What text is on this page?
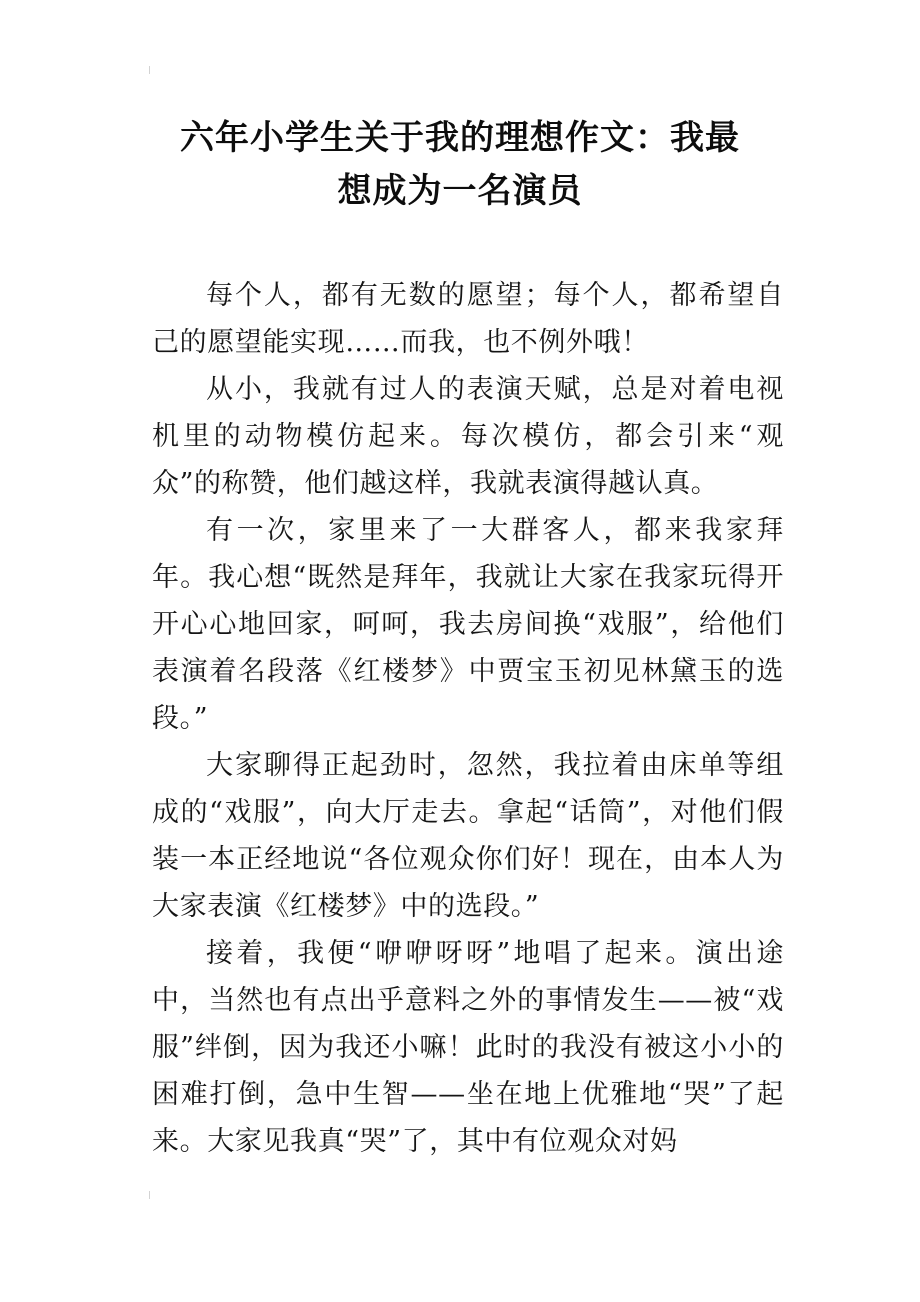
六年小学生关于我的理想作文：我最
想成为一名演员

每个人，都有无数的愿望；每个人，都希望自己的愿望能实现……而我，也不例外哦！

从小，我就有过人的表演天赋，总是对着电视机里的动物模仿起来。每次模仿，都会引来“观众”的称赞，他们越这样，我就表演得越认真。

有一次，家里来了一大群客人，都来我家拜年。我心想“既然是拜年，我就让大家在我家玩得开开心心地回家，呵呵，我去房间换“戏服”，给他们表演着名段落《红楼梦》中贾宝玉初见林黛玉的选段。”

大家聊得正起劲时，忽然，我拉着由床单等组成的“戏服”，向大厅走去。拿起“话筒”，对他们假装一本正经地说“各位观众你们好！现在，由本人为大家表演《红楼梦》中的选段。”

接着，我便“咿咿呀呀”地唱了起来。演出途中，当然也有点出乎意料之外的事情发生——被“戏服”绊倒，因为我还小嘛！此时的我没有被这小小的困难打倒，急中生智——坐在地上优雅地“哭”了起来。大家见我真“哭”了，其中有位观众对妈
